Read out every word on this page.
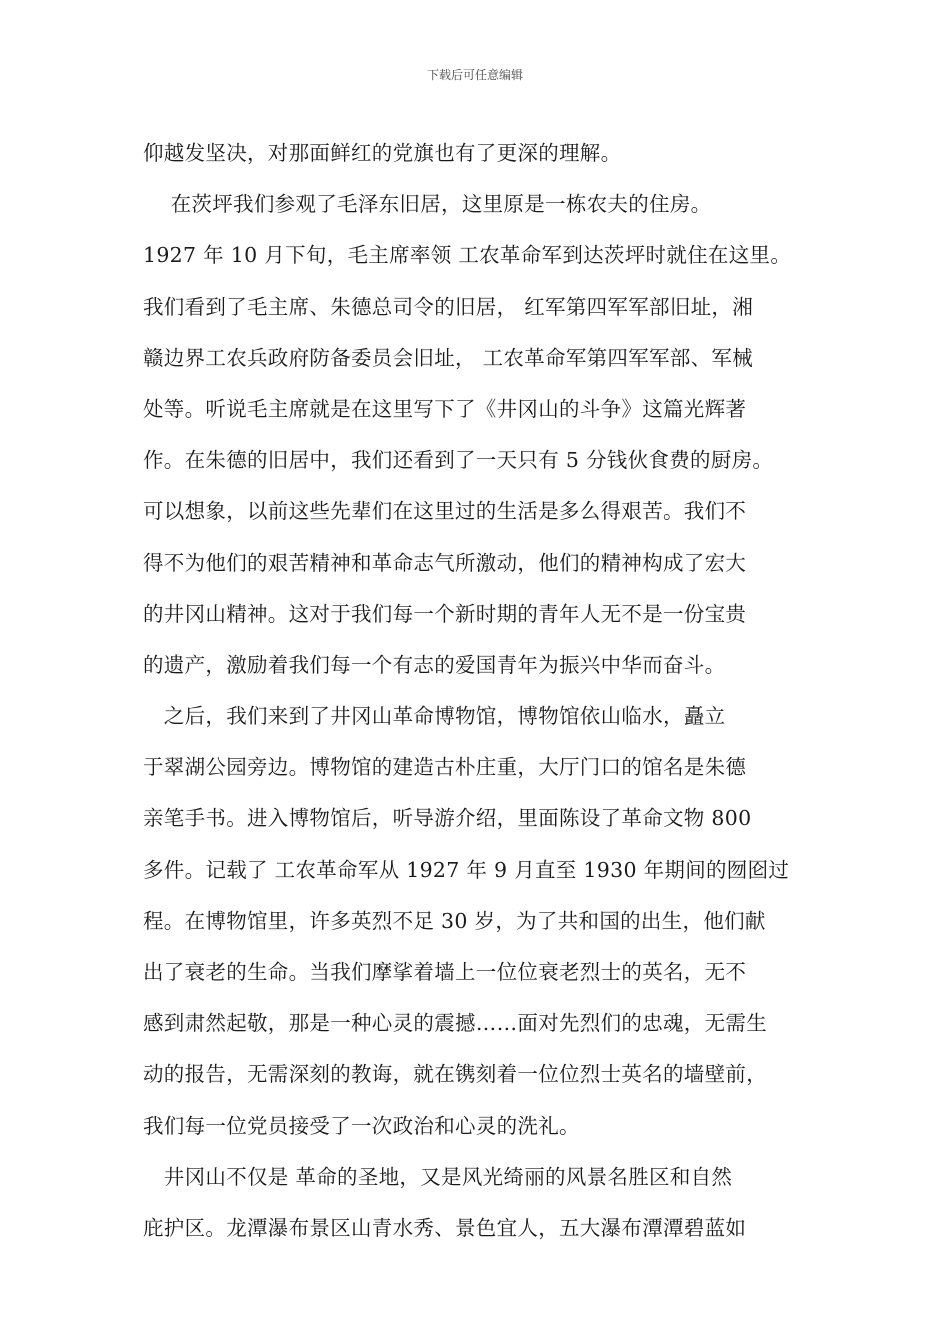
下载后可任意编辑
仰越发坚决，对那面鲜红的党旗也有了更深的理解。
　 在茨坪我们参观了毛泽东旧居，这里原是一栋农夫的住房。
1927 年 10 月下旬，毛主席率领 工农革命军到达茨坪时就住在这里。
我们看到了毛主席、朱德总司令的旧居， 红军第四军军部旧址，湘
赣边界工农兵政府防备委员会旧址， 工农革命军第四军军部、军械
处等。听说毛主席就是在这里写下了《井冈山的斗争》这篇光辉著
作。在朱德的旧居中，我们还看到了一天只有 5 分钱伙食费的厨房。
可以想象，以前这些先辈们在这里过的生活是多么得艰苦。我们不
得不为他们的艰苦精神和革命志气所激动，他们的精神构成了宏大
的井冈山精神。这对于我们每一个新时期的青年人无不是一份宝贵
的遗产，激励着我们每一个有志的爱国青年为振兴中华而奋斗。
　之后，我们来到了井冈山革命博物馆，博物馆依山临水，矗立
于翠湖公园旁边。博物馆的建造古朴庄重，大厅门口的馆名是朱德
亲笔手书。进入博物馆后，听导游介绍，里面陈设了革命文物 800
多件。记载了 工农革命军从 1927 年 9 月直至 1930 年期间的囫囵过
程。在博物馆里，许多英烈不足 30 岁，为了共和国的出生，他们献
出了衰老的生命。当我们摩挲着墙上一位位衰老烈士的英名，无不
感到肃然起敬，那是一种心灵的震撼……面对先烈们的忠魂，无需生
动的报告，无需深刻的教诲，就在镌刻着一位位烈士英名的墙壁前，
我们每一位党员接受了一次政治和心灵的洗礼。
　井冈山不仅是 革命的圣地，又是风光绮丽的风景名胜区和自然
庇护区。龙潭瀑布景区山青水秀、景色宜人，五大瀑布潭潭碧蓝如
